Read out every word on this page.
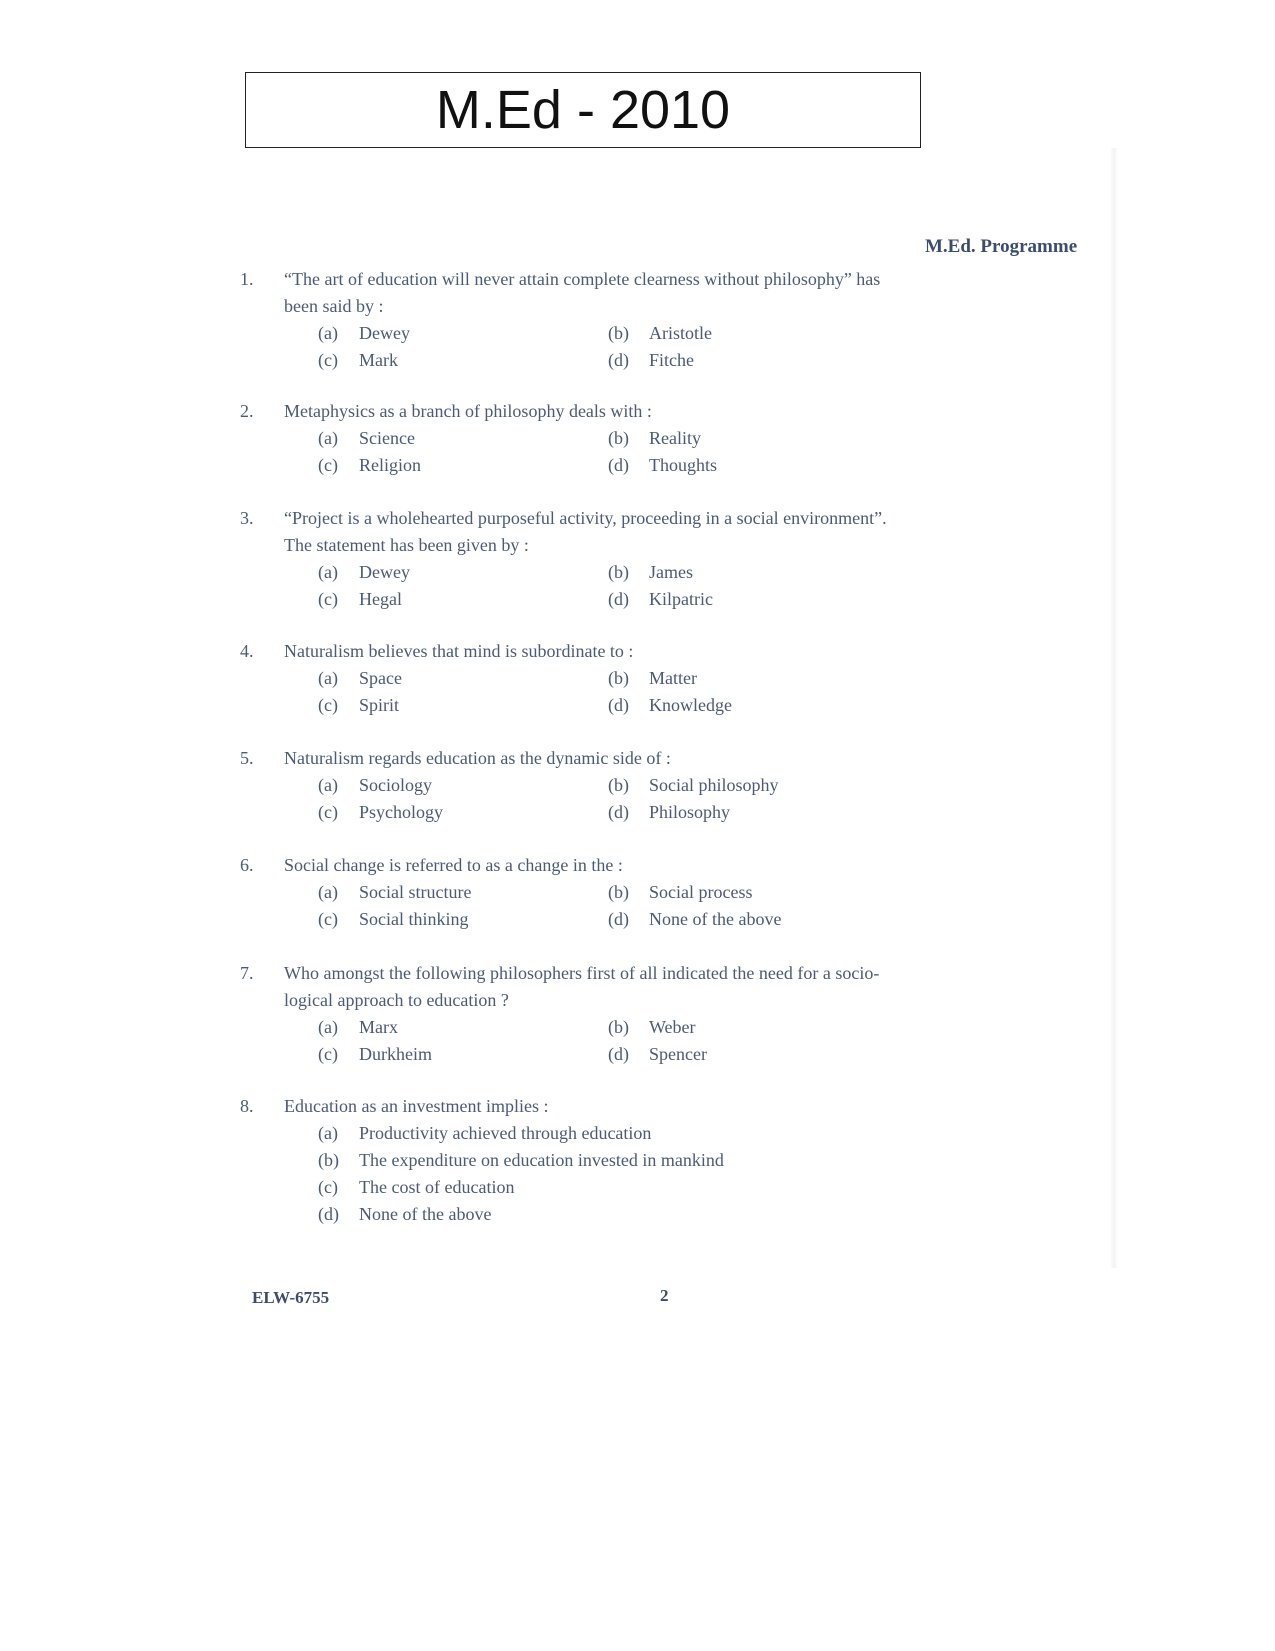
M.Ed - 2010
M.Ed. Programme
1.	“The art of education will never attain complete clearness without philosophy” has been said by :
(a)	Dewey	(b)	Aristotle
(c)	Mark	(d)	Fitche
2.	Metaphysics as a branch of philosophy deals with :
(a)	Science	(b)	Reality
(c)	Religion	(d)	Thoughts
3.	“Project is a wholehearted purposeful activity, proceeding in a social environment”. The statement has been given by :
(a)	Dewey	(b)	James
(c)	Hegal	(d)	Kilpatric
4.	Naturalism believes that mind is subordinate to :
(a)	Space	(b)	Matter
(c)	Spirit	(d)	Knowledge
5.	Naturalism regards education as the dynamic side of :
(a)	Sociology	(b)	Social philosophy
(c)	Psychology	(d)	Philosophy
6.	Social change is referred to as a change in the :
(a)	Social structure	(b)	Social process
(c)	Social thinking	(d)	None of the above
7.	Who amongst the following philosophers first of all indicated the need for a socio-logical approach to education ?
(a)	Marx	(b)	Weber
(c)	Durkheim	(d)	Spencer
8.	Education as an investment implies :
(a)	Productivity achieved through education
(b)	The expenditure on education invested in mankind
(c)	The cost of education
(d)	None of the above
ELW-6755	2
